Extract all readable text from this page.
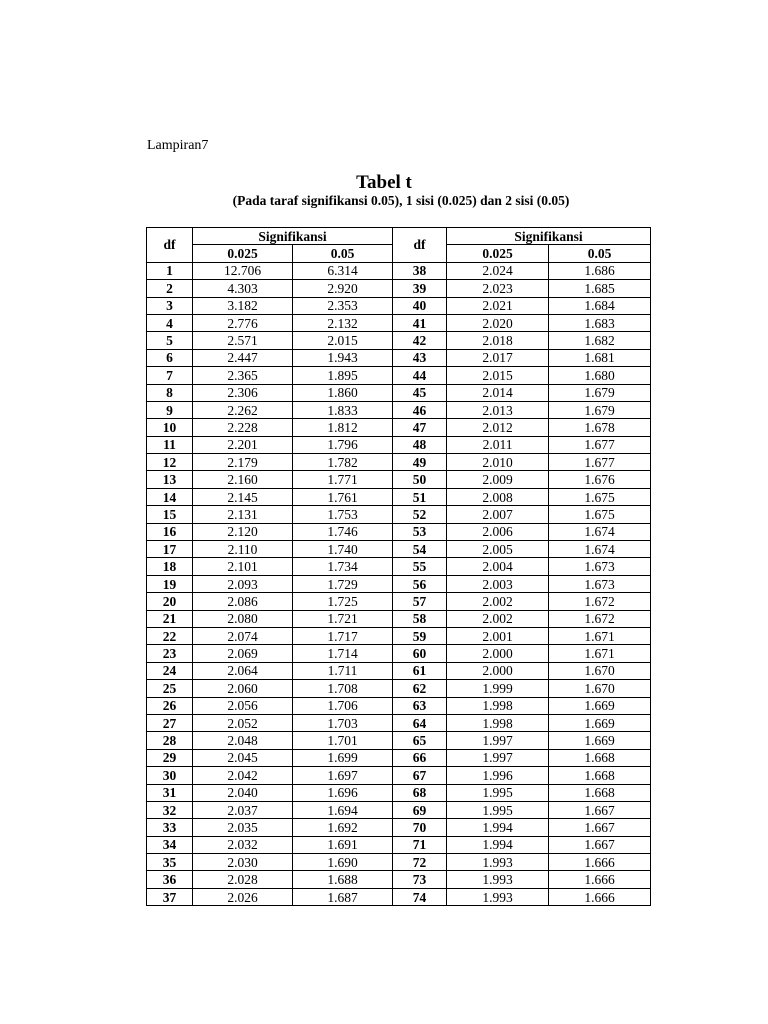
Lampiran7
Tabel t
(Pada taraf signifikansi 0.05), 1 sisi (0.025) dan 2 sisi (0.05)
df	Signifikansi		df	Signifikansi	
	0.025	0.05		0.025	0.05
1	12.706	6.314	38	2.024	1.686
2	4.303	2.920	39	2.023	1.685
3	3.182	2.353	40	2.021	1.684
4	2.776	2.132	41	2.020	1.683
5	2.571	2.015	42	2.018	1.682
6	2.447	1.943	43	2.017	1.681
7	2.365	1.895	44	2.015	1.680
8	2.306	1.860	45	2.014	1.679
9	2.262	1.833	46	2.013	1.679
10	2.228	1.812	47	2.012	1.678
11	2.201	1.796	48	2.011	1.677
12	2.179	1.782	49	2.010	1.677
13	2.160	1.771	50	2.009	1.676
14	2.145	1.761	51	2.008	1.675
15	2.131	1.753	52	2.007	1.675
16	2.120	1.746	53	2.006	1.674
17	2.110	1.740	54	2.005	1.674
18	2.101	1.734	55	2.004	1.673
19	2.093	1.729	56	2.003	1.673
20	2.086	1.725	57	2.002	1.672
21	2.080	1.721	58	2.002	1.672
22	2.074	1.717	59	2.001	1.671
23	2.069	1.714	60	2.000	1.671
24	2.064	1.711	61	2.000	1.670
25	2.060	1.708	62	1.999	1.670
26	2.056	1.706	63	1.998	1.669
27	2.052	1.703	64	1.998	1.669
28	2.048	1.701	65	1.997	1.669
29	2.045	1.699	66	1.997	1.668
30	2.042	1.697	67	1.996	1.668
31	2.040	1.696	68	1.995	1.668
32	2.037	1.694	69	1.995	1.667
33	2.035	1.692	70	1.994	1.667
34	2.032	1.691	71	1.994	1.667
35	2.030	1.690	72	1.993	1.666
36	2.028	1.688	73	1.993	1.666
37	2.026	1.687	74	1.993	1.666
